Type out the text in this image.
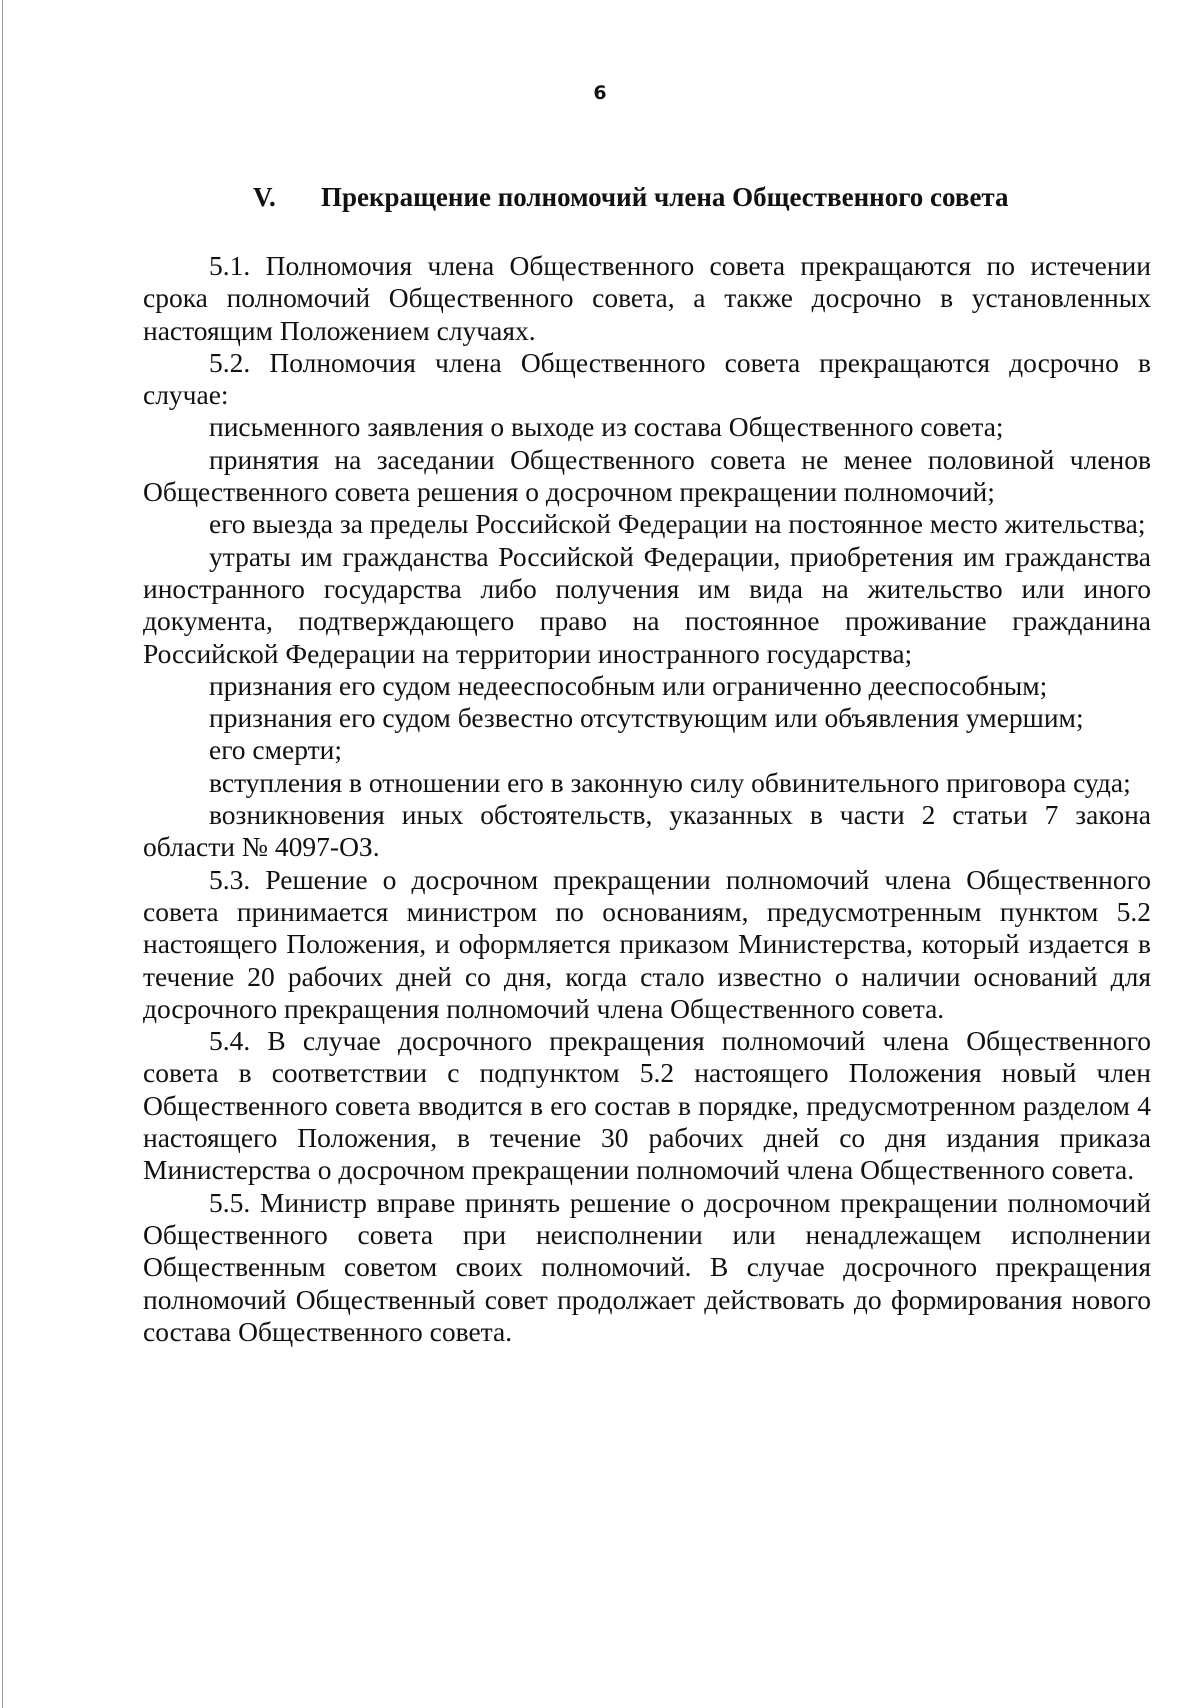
6
V. Прекращение полномочий члена Общественного совета

5.1. Полномочия члена Общественного совета прекращаются по истечении срока полномочий Общественного совета, а также досрочно в установленных настоящим Положением случаях.

5.2. Полномочия члена Общественного совета прекращаются досрочно в случае:

письменного заявления о выходе из состава Общественного совета;

принятия на заседании Общественного совета не менее половиной членов Общественного совета решения о досрочном прекращении полномочий;

его выезда за пределы Российской Федерации на постоянное место жительства;

утраты им гражданства Российской Федерации, приобретения им гражданства иностранного государства либо получения им вида на жительство или иного документа, подтверждающего право на постоянное проживание гражданина Российской Федерации на территории иностранного государства;

признания его судом недееспособным или ограниченно дееспособным;

признания его судом безвестно отсутствующим или объявления умершим;

его смерти;

вступления в отношении его в законную силу обвинительного приговора суда;

возникновения иных обстоятельств, указанных в части 2 статьи 7 закона области № 4097-ОЗ.

5.3. Решение о досрочном прекращении полномочий члена Общественного совета принимается министром по основаниям, предусмотренным пунктом 5.2 настоящего Положения, и оформляется приказом Министерства, который издается в течение 20 рабочих дней со дня, когда стало известно о наличии оснований для досрочного прекращения полномочий члена Общественного совета.

5.4. В случае досрочного прекращения полномочий члена Общественного совета в соответствии с подпунктом 5.2 настоящего Положения новый член Общественного совета вводится в его состав в порядке, предусмотренном разделом 4 настоящего Положения, в течение 30 рабочих дней со дня издания приказа Министерства о досрочном прекращении полномочий члена Общественного совета.

5.5. Министр вправе принять решение о досрочном прекращении полномочий Общественного совета при неисполнении или ненадлежащем исполнении Общественным советом своих полномочий. В случае досрочного прекращения полномочий Общественный совет продолжает действовать до формирования нового состава Общественного совета.
